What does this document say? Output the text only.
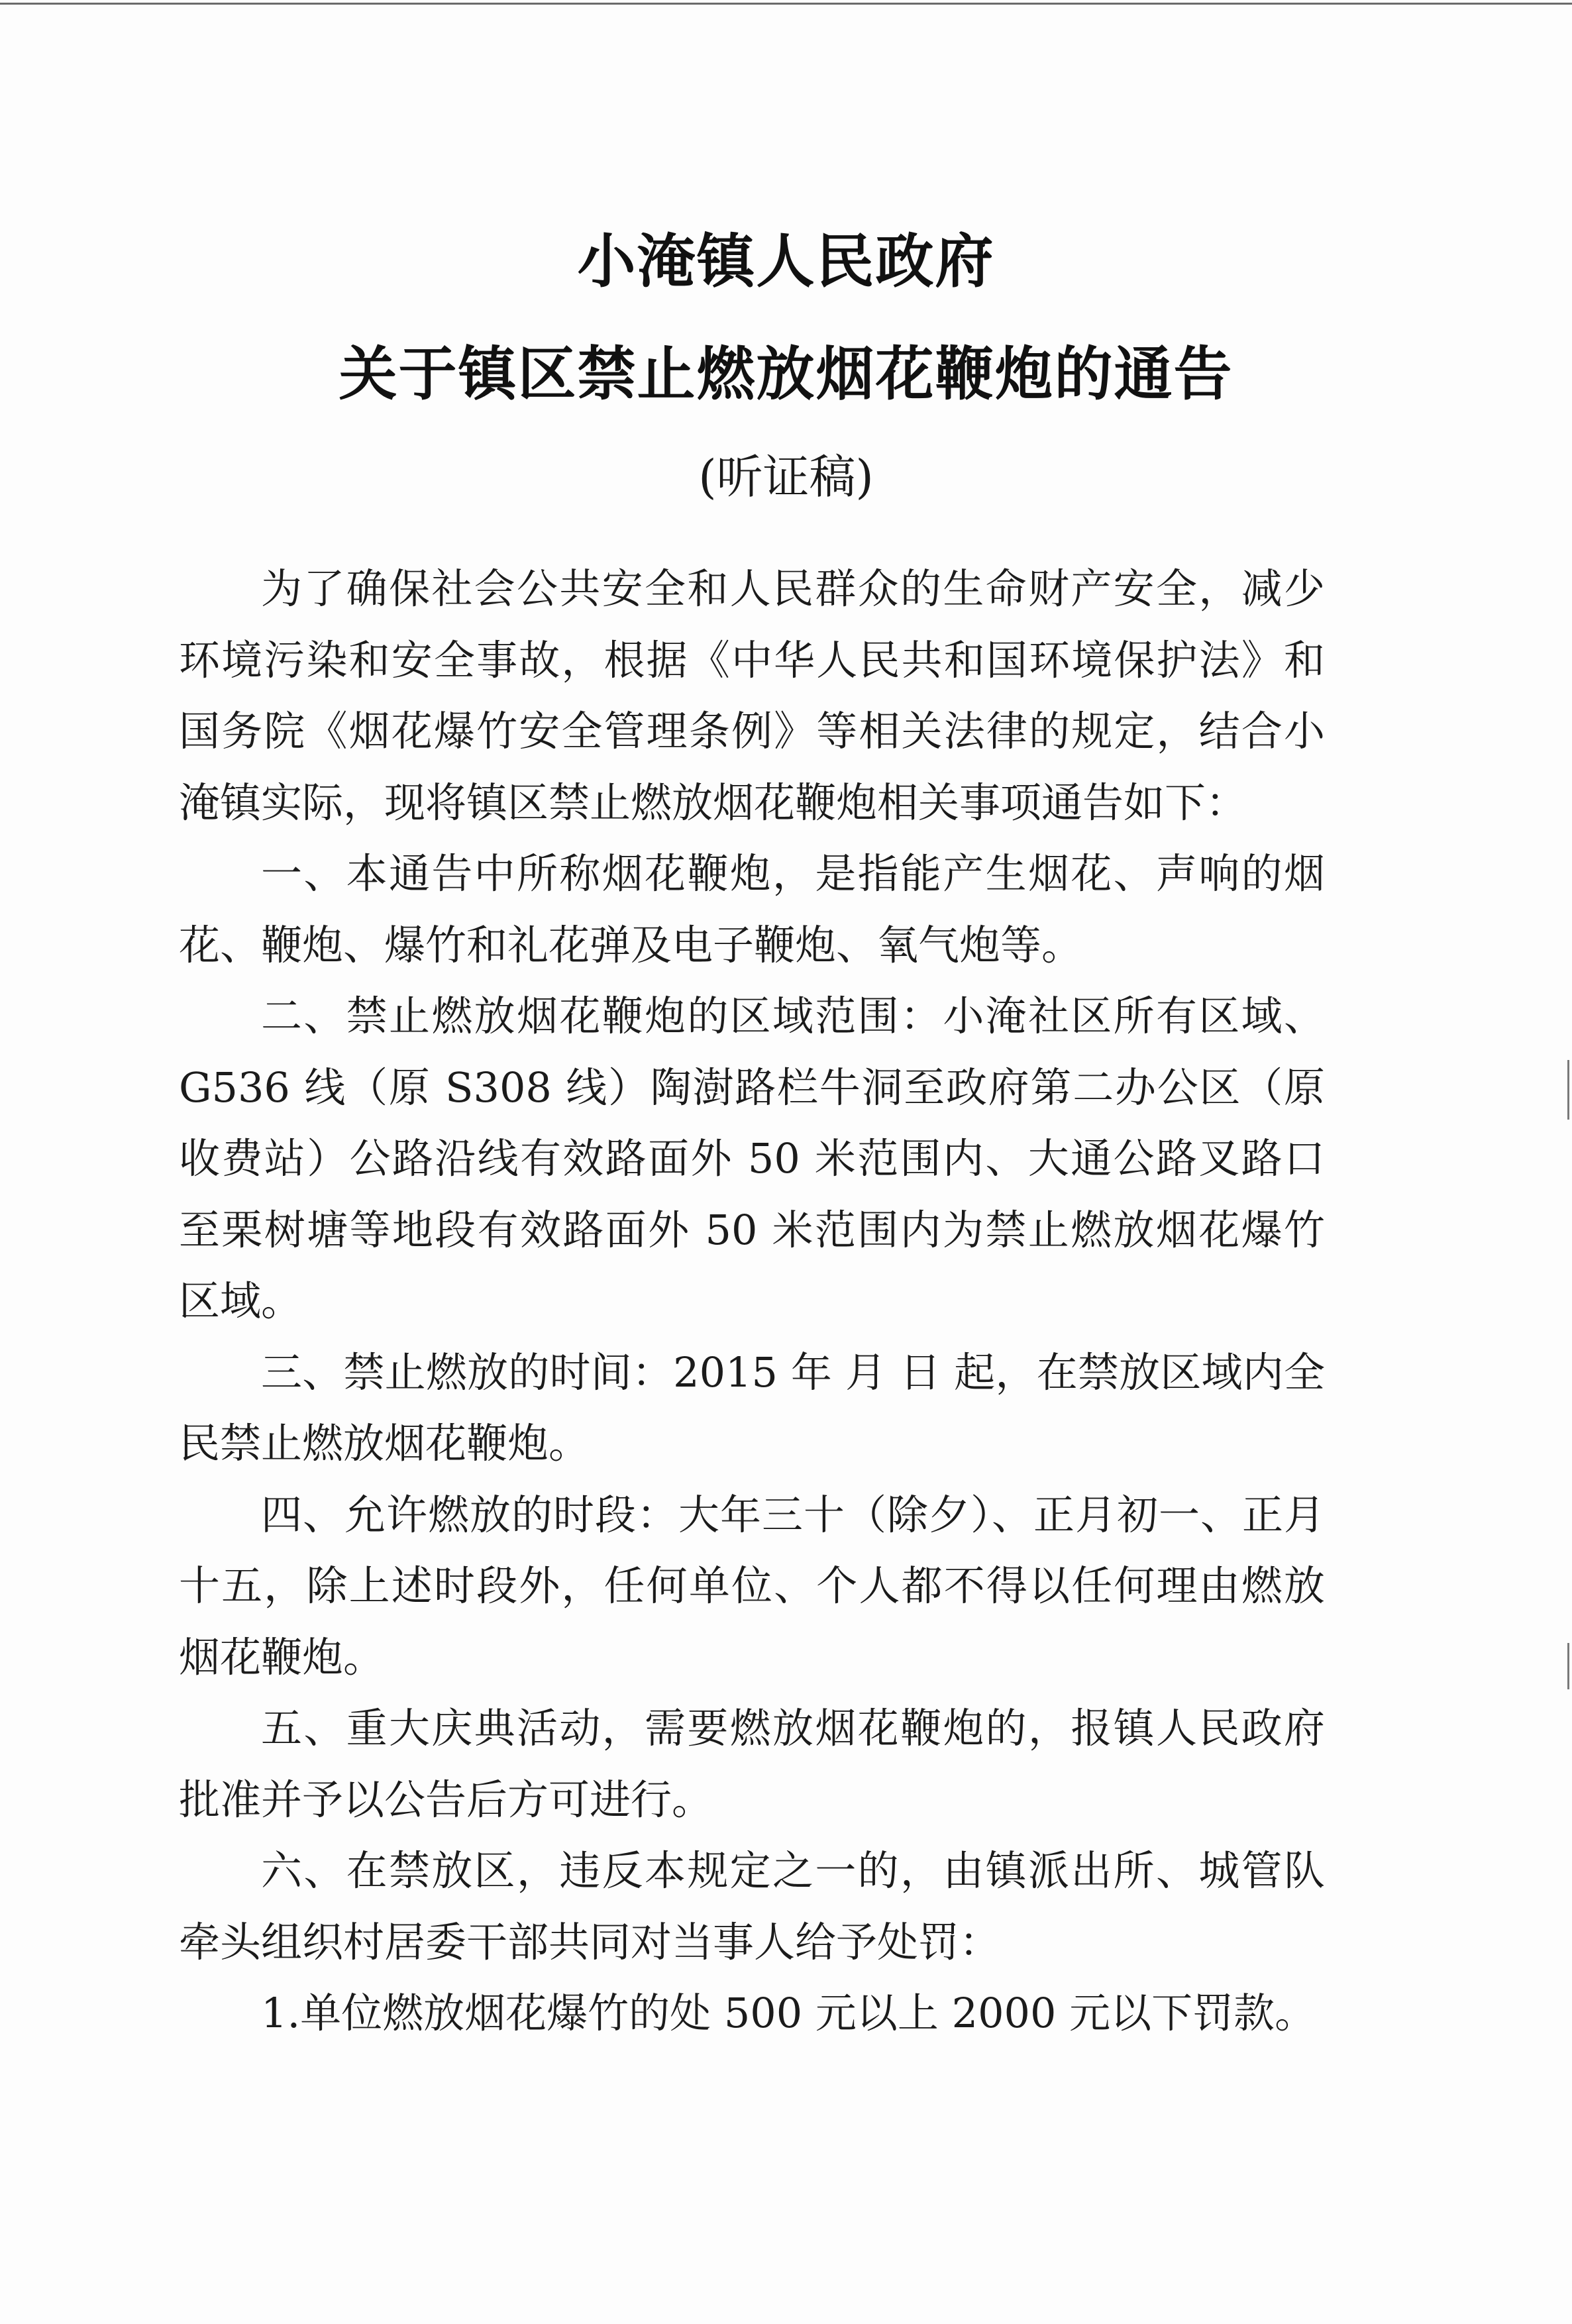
小淹镇人民政府
关于镇区禁止燃放烟花鞭炮的通告
(听证稿)

为了确保社会公共安全和人民群众的生命财产安全，减少环境污染和安全事故，根据《中华人民共和国环境保护法》和国务院《烟花爆竹安全管理条例》等相关法律的规定，结合小淹镇实际，现将镇区禁止燃放烟花鞭炮相关事项通告如下：

一、本通告中所称烟花鞭炮，是指能产生烟花、声响的烟花、鞭炮、爆竹和礼花弹及电子鞭炮、氧气炮等。

二、禁止燃放烟花鞭炮的区域范围：小淹社区所有区域、G536 线（原 S308 线）陶澍路栏牛洞至政府第二办公区（原收费站）公路沿线有效路面外 50 米范围内、大通公路叉路口至栗树塘等地段有效路面外 50 米范围内为禁止燃放烟花爆竹区域。

三、禁止燃放的时间：2015 年 月 日 起，在禁放区域内全民禁止燃放烟花鞭炮。

四、允许燃放的时段：大年三十（除夕）、正月初一、正月十五，除上述时段外，任何单位、个人都不得以任何理由燃放烟花鞭炮。

五、重大庆典活动，需要燃放烟花鞭炮的，报镇人民政府批准并予以公告后方可进行。

六、在禁放区，违反本规定之一的，由镇派出所、城管队牵头组织村居委干部共同对当事人给予处罚：

1.单位燃放烟花爆竹的处 500 元以上 2000 元以下罚款。
